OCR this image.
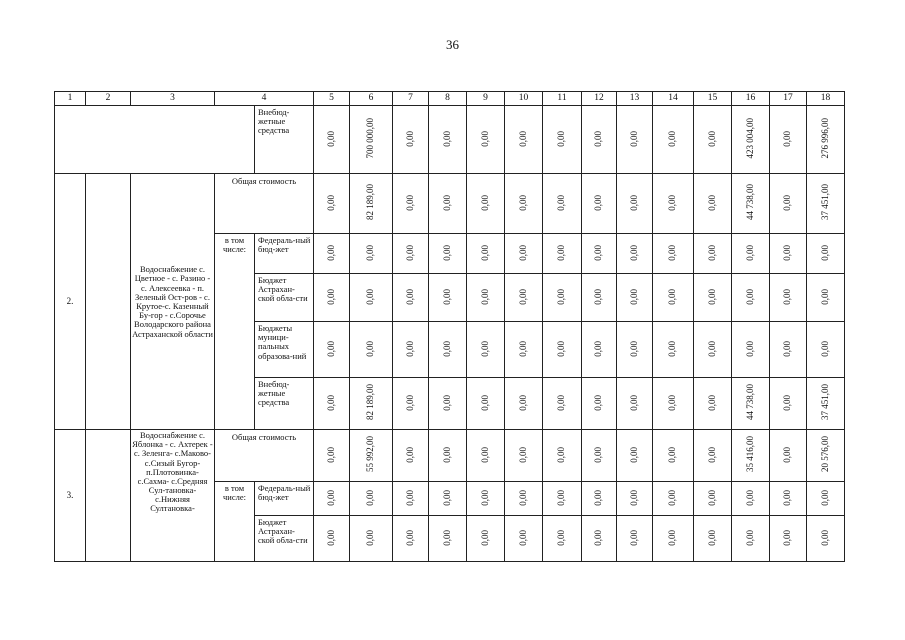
36
1	2	3	4		5	6	7	8	9	10	11	12	13	14	15	16	17	18
				Внебюд-жетные средства	0,00	700 000,00	0,00	0,00	0,00	0,00	0,00	0,00	0,00	0,00	0,00	423 004,00	0,00	276 996,00
2.		Водоснабжение с. Цветное - с. Разино - с. Алексеевка - п. Зеленый Ост-ров - с. Крутое-с. Казенный Бу-гор - с.Сорочье Володарского района Астраханской области	Общая стоимость		0,00	82 189,00	0,00	0,00	0,00	0,00	0,00	0,00	0,00	0,00	0,00	44 738,00	0,00	37 451,00
			в том числе:	Федераль-ный бюд-жет	0,00	0,00	0,00	0,00	0,00	0,00	0,00	0,00	0,00	0,00	0,00	0,00	0,00	0,00
				Бюджет Астрахан-ской обла-сти	0,00	0,00	0,00	0,00	0,00	0,00	0,00	0,00	0,00	0,00	0,00	0,00	0,00	0,00
				Бюджеты муници-пальных образова-ний	0,00	0,00	0,00	0,00	0,00	0,00	0,00	0,00	0,00	0,00	0,00	0,00	0,00	0,00
				Внебюд-жетные средства	0,00	82 189,00	0,00	0,00	0,00	0,00	0,00	0,00	0,00	0,00	0,00	44 738,00	0,00	37 451,00
3.		Водоснабжение с. Яблонка - с. Ахтерек - с. Зеленга- с.Маково- с.Сизый Бугор- п.Плотовинка- с.Сахма- с.Средняя Сул-тановка- с.Нижняя Султановка-	Общая стоимость		0,00	55 992,00	0,00	0,00	0,00	0,00	0,00	0,00	0,00	0,00	0,00	35 416,00	0,00	20 576,00
			в том числе:	Федераль-ный бюд-жет	0,00	0,00	0,00	0,00	0,00	0,00	0,00	0,00	0,00	0,00	0,00	0,00	0,00	0,00
				Бюджет Астрахан-ской обла-сти	0,00	0,00	0,00	0,00	0,00	0,00	0,00	0,00	0,00	0,00	0,00	0,00	0,00	0,00
